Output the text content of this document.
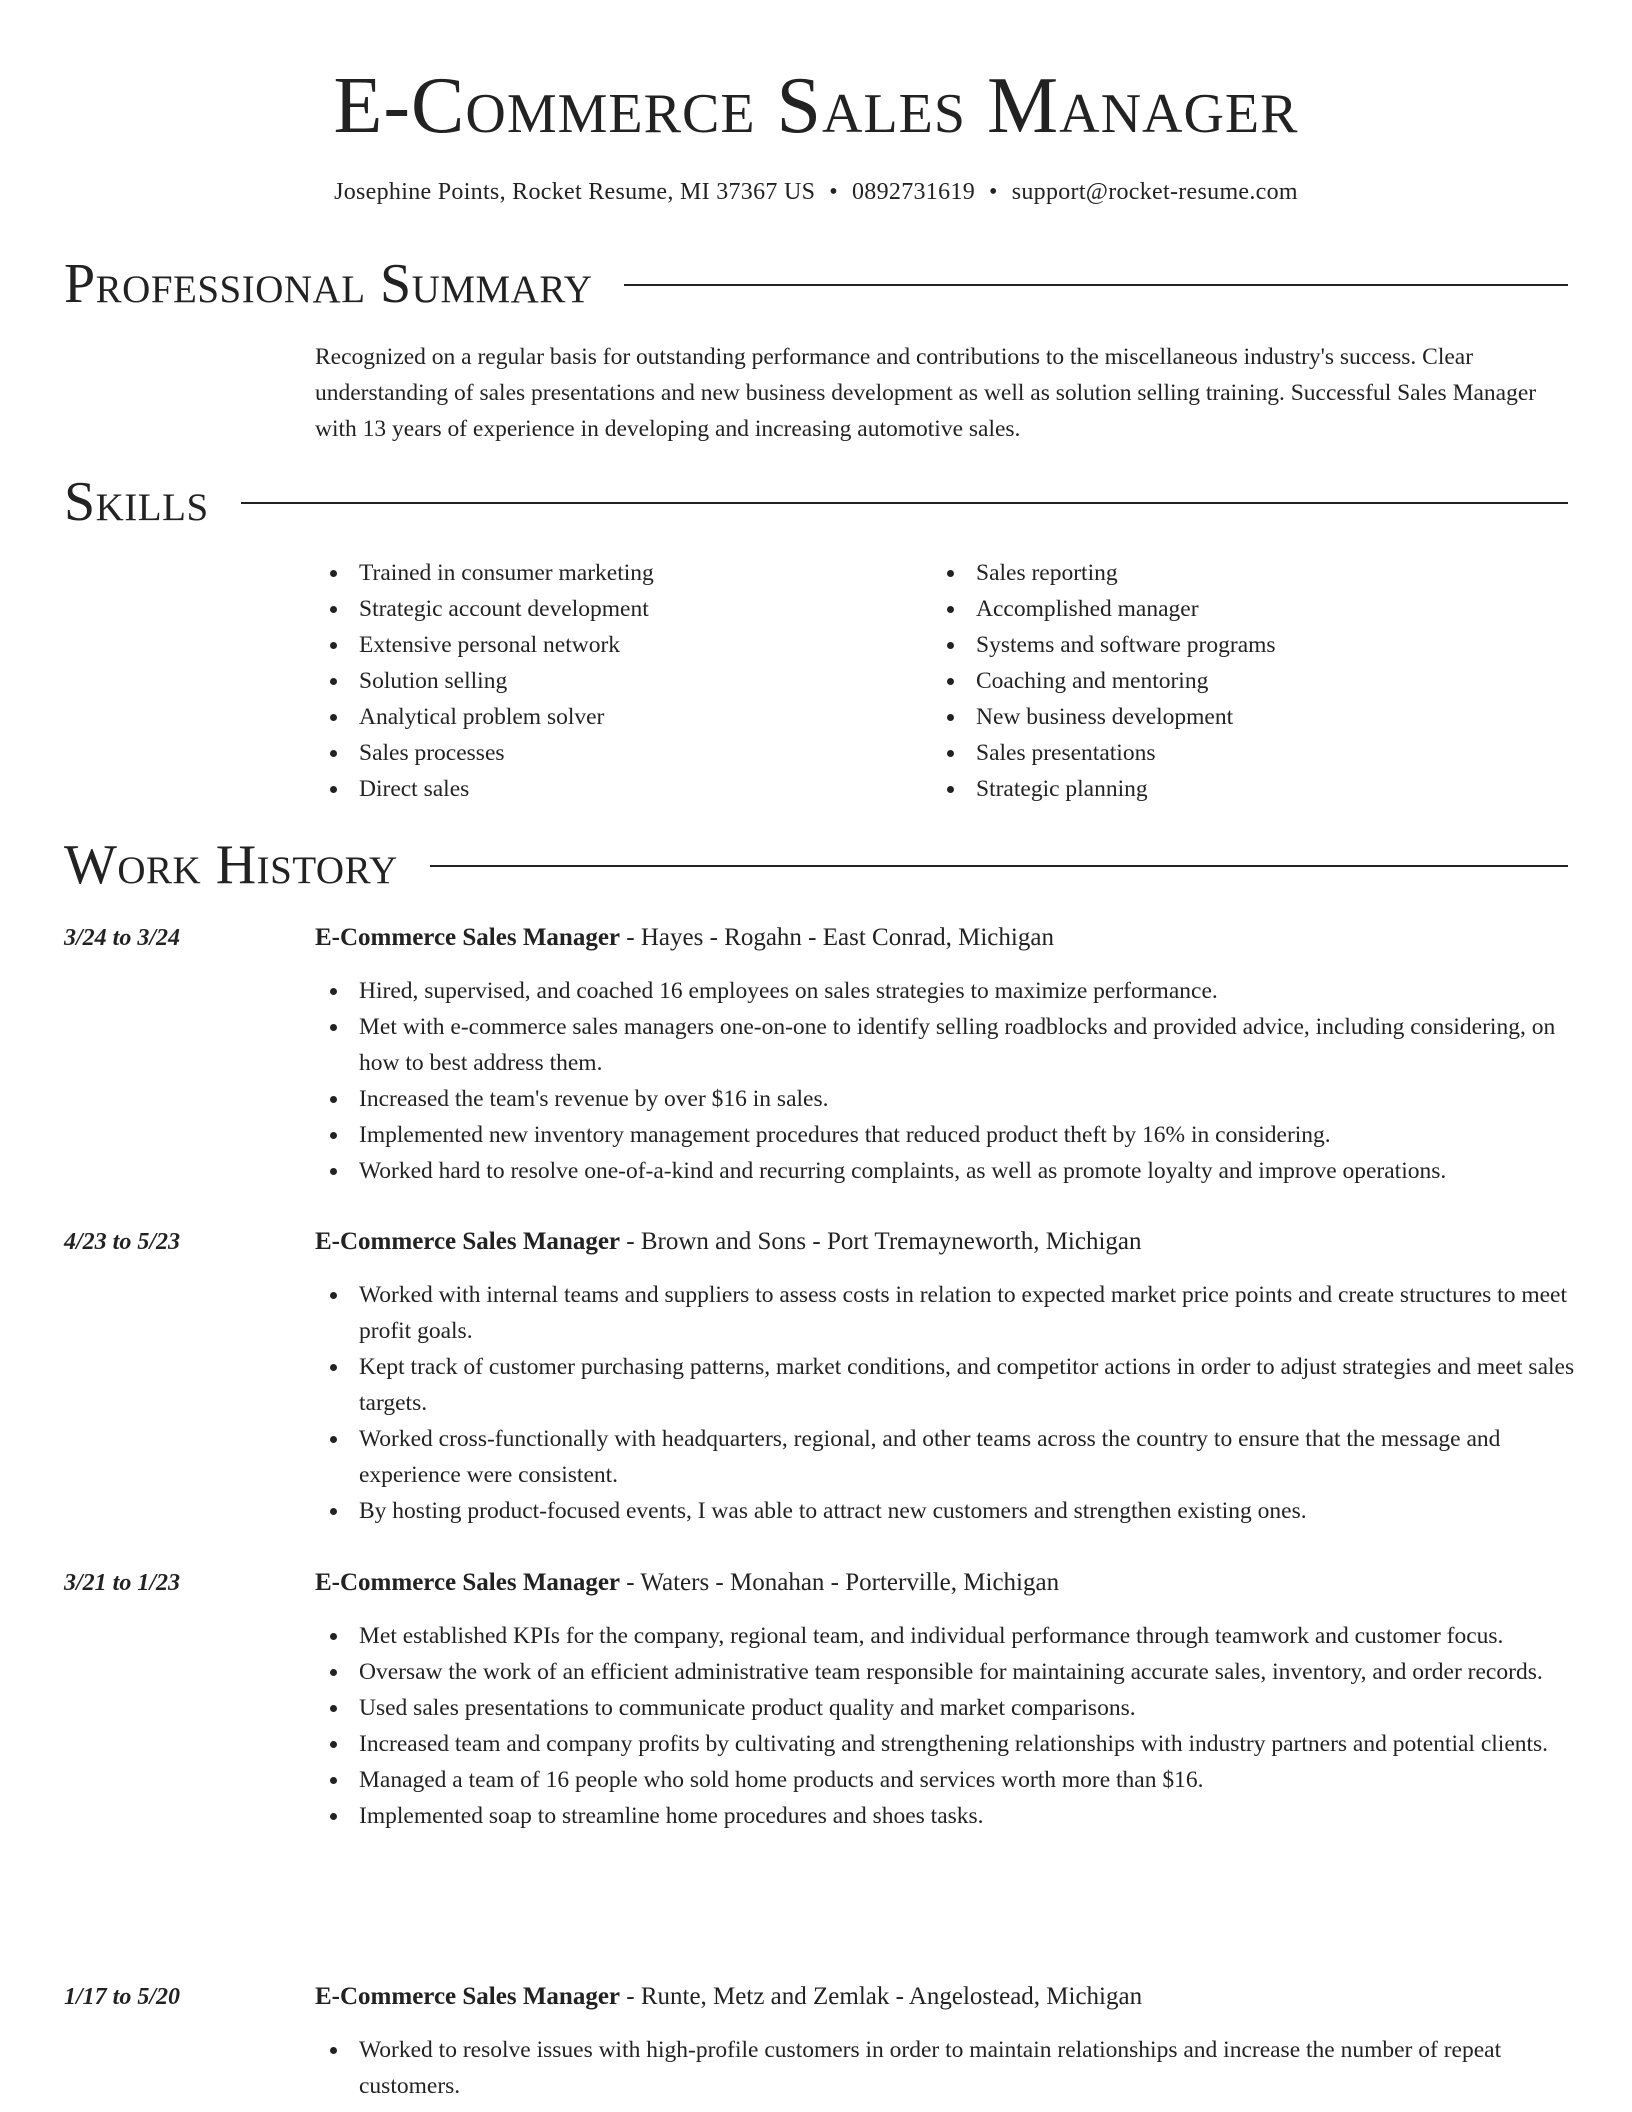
E-Commerce Sales Manager
Josephine Points, Rocket Resume, MI 37367 US • 0892731619 • support@rocket-resume.com
Professional Summary

Recognized on a regular basis for outstanding performance and contributions to the miscellaneous industry's success. Clear understanding of sales presentations and new business development as well as solution selling training. Successful Sales Manager with 13 years of experience in developing and increasing automotive sales.

Skills
Trained in consumer marketing
Strategic account development
Extensive personal network
Solution selling
Analytical problem solver
Sales processes
Direct sales
Sales reporting
Accomplished manager
Systems and software programs
Coaching and mentoring
New business development
Sales presentations
Strategic planning
Work History
3/24 to 3/24	E-Commerce Sales Manager - Hayes - Rogahn - East Conrad, Michigan
Hired, supervised, and coached 16 employees on sales strategies to maximize performance.
Met with e-commerce sales managers one-on-one to identify selling roadblocks and provided advice, including considering, on how to best address them.
Increased the team's revenue by over $16 in sales.
Implemented new inventory management procedures that reduced product theft by 16% in considering.
Worked hard to resolve one-of-a-kind and recurring complaints, as well as promote loyalty and improve operations.
4/23 to 5/23	E-Commerce Sales Manager - Brown and Sons - Port Tremayneworth, Michigan
Worked with internal teams and suppliers to assess costs in relation to expected market price points and create structures to meet profit goals.
Kept track of customer purchasing patterns, market conditions, and competitor actions in order to adjust strategies and meet sales targets.
Worked cross-functionally with headquarters, regional, and other teams across the country to ensure that the message and experience were consistent.
By hosting product-focused events, I was able to attract new customers and strengthen existing ones.
3/21 to 1/23	E-Commerce Sales Manager - Waters - Monahan - Porterville, Michigan
Met established KPIs for the company, regional team, and individual performance through teamwork and customer focus.
Oversaw the work of an efficient administrative team responsible for maintaining accurate sales, inventory, and order records.
Used sales presentations to communicate product quality and market comparisons.
Increased team and company profits by cultivating and strengthening relationships with industry partners and potential clients.
Managed a team of 16 people who sold home products and services worth more than $16.
Implemented soap to streamline home procedures and shoes tasks.
1/17 to 5/20	E-Commerce Sales Manager - Runte, Metz and Zemlak - Angelostead, Michigan
Worked to resolve issues with high-profile customers in order to maintain relationships and increase the number of repeat customers.
